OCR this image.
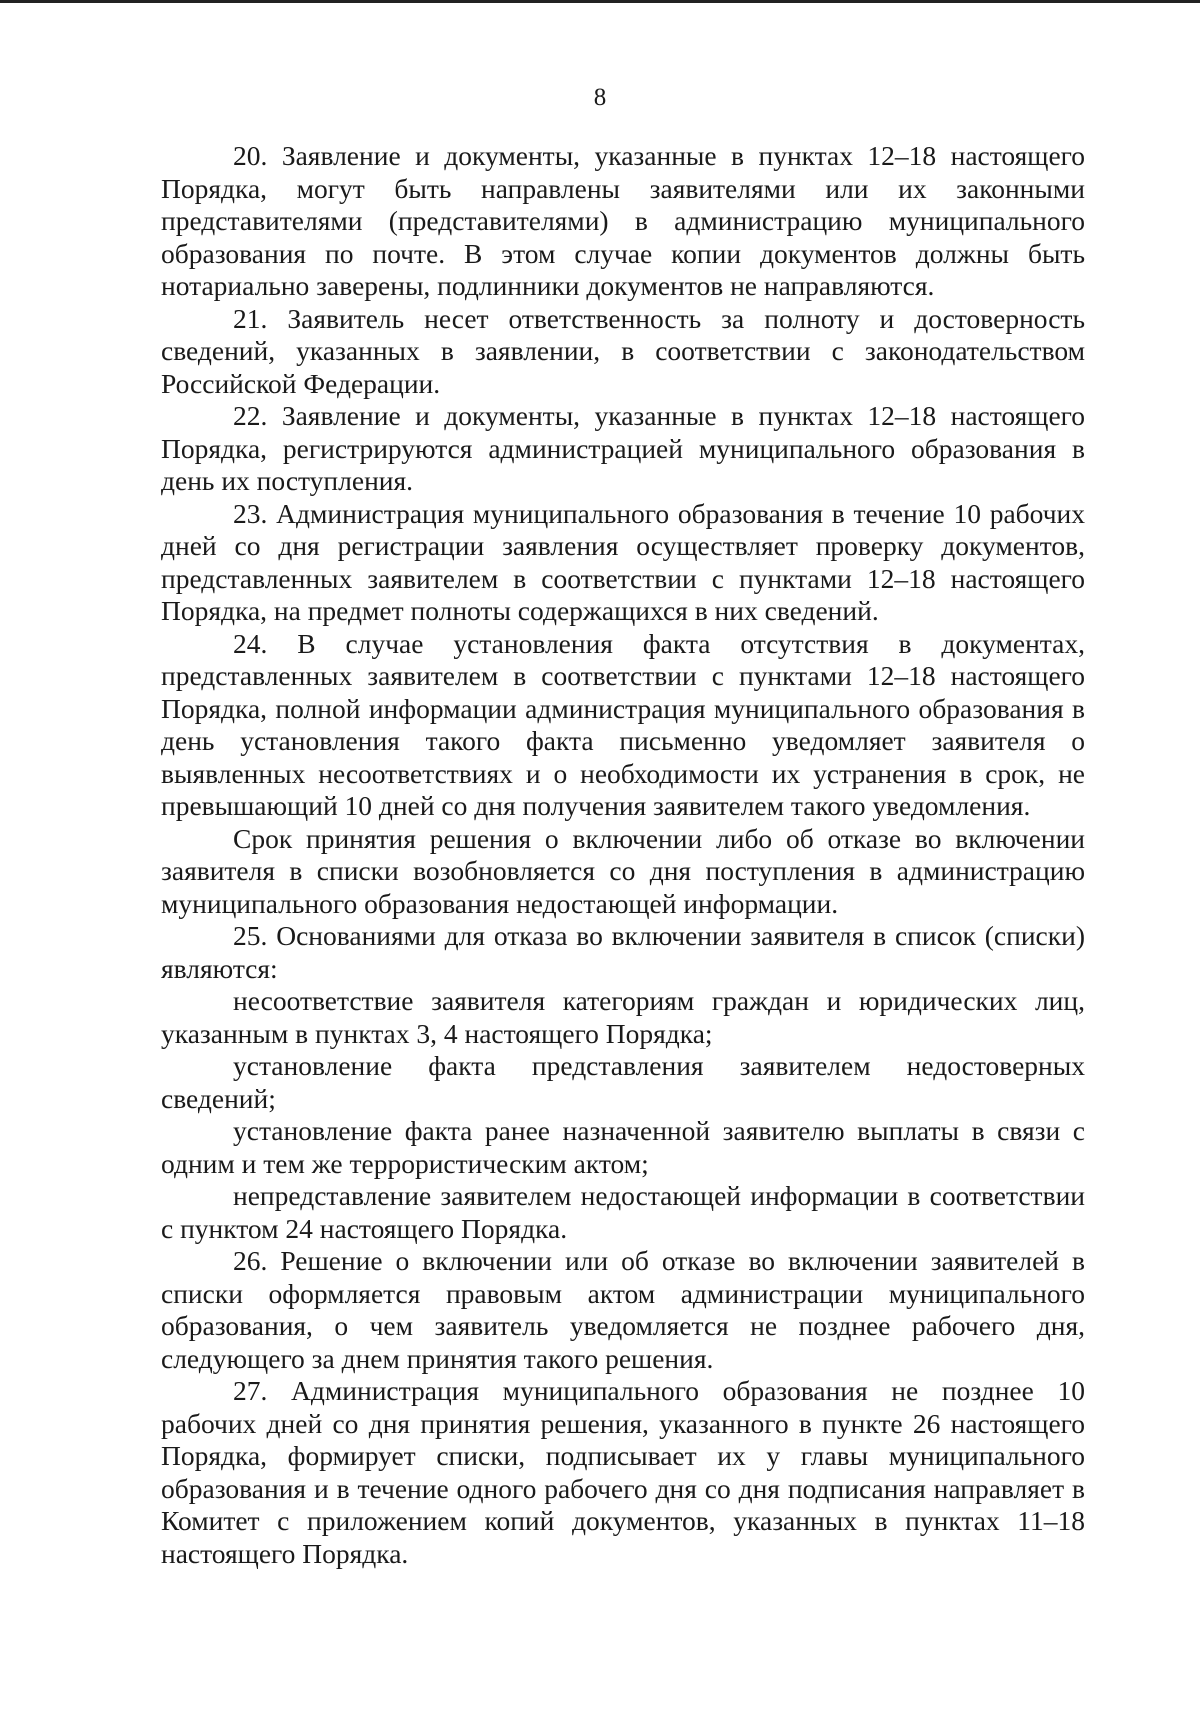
8

20. Заявление и документы, указанные в пунктах 12–18 настоящего Порядка, могут быть направлены заявителями или их законными представителями (представителями) в администрацию муниципального образования по почте. В этом случае копии документов должны быть нотариально заверены, подлинники документов не направляются.

21. Заявитель несет ответственность за полноту и достоверность сведений, указанных в заявлении, в соответствии с законодательством Российской Федерации.

22. Заявление и документы, указанные в пунктах 12–18 настоящего Порядка, регистрируются администрацией муниципального образования в день их поступления.

23. Администрация муниципального образования в течение 10 рабочих дней со дня регистрации заявления осуществляет проверку документов, представленных заявителем в соответствии с пунктами 12–18 настоящего Порядка, на предмет полноты содержащихся в них сведений.

24. В случае установления факта отсутствия в документах, представленных заявителем в соответствии с пунктами 12–18 настоящего Порядка, полной информации администрация муниципального образования в день установления такого факта письменно уведомляет заявителя о выявленных несоответствиях и о необходимости их устранения в срок, не превышающий 10 дней со дня получения заявителем такого уведомления.

Срок принятия решения о включении либо об отказе во включении заявителя в списки возобновляется со дня поступления в администрацию муниципального образования недостающей информации.

25. Основаниями для отказа во включении заявителя в список (списки) являются:

несоответствие заявителя категориям граждан и юридических лиц, указанным в пунктах 3, 4 настоящего Порядка;

установление факта представления заявителем недостоверных сведений;

установление факта ранее назначенной заявителю выплаты в связи с одним и тем же террористическим актом;

непредставление заявителем недостающей информации в соответствии с пунктом 24 настоящего Порядка.

26. Решение о включении или об отказе во включении заявителей в списки оформляется правовым актом администрации муниципального образования, о чем заявитель уведомляется не позднее рабочего дня, следующего за днем принятия такого решения.

27. Администрация муниципального образования не позднее 10 рабочих дней со дня принятия решения, указанного в пункте 26 настоящего Порядка, формирует списки, подписывает их у главы муниципального образования и в течение одного рабочего дня со дня подписания направляет в Комитет с приложением копий документов, указанных в пунктах 11–18 настоящего Порядка.
